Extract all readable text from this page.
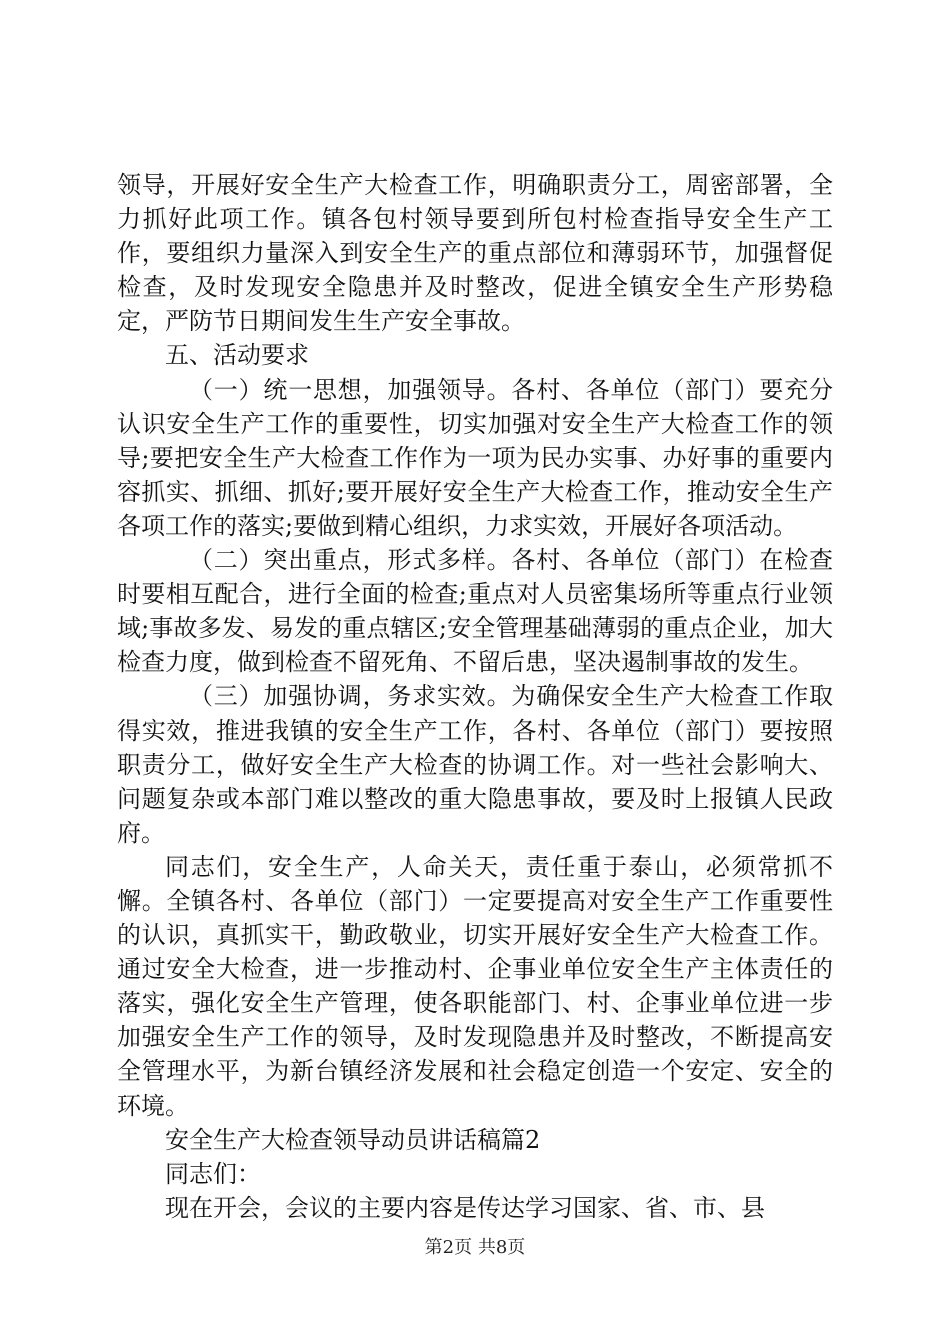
领导，开展好安全生产大检查工作，明确职责分工，周密部署，全力抓好此项工作。镇各包村领导要到所包村检查指导安全生产工作，要组织力量深入到安全生产的重点部位和薄弱环节，加强督促检查，及时发现安全隐患并及时整改，促进全镇安全生产形势稳定，严防节日期间发生生产安全事故。

五、活动要求

（一）统一思想，加强领导。各村、各单位（部门）要充分认识安全生产工作的重要性，切实加强对安全生产大检查工作的领导;要把安全生产大检查工作作为一项为民办实事、办好事的重要内容抓实、抓细、抓好;要开展好安全生产大检查工作，推动安全生产各项工作的落实;要做到精心组织，力求实效，开展好各项活动。

（二）突出重点，形式多样。各村、各单位（部门）在检查时要相互配合，进行全面的检查;重点对人员密集场所等重点行业领域;事故多发、易发的重点辖区;安全管理基础薄弱的重点企业，加大检查力度，做到检查不留死角、不留后患，坚决遏制事故的发生。

（三）加强协调，务求实效。为确保安全生产大检查工作取得实效，推进我镇的安全生产工作，各村、各单位（部门）要按照职责分工，做好安全生产大检查的协调工作。对一些社会影响大、问题复杂或本部门难以整改的重大隐患事故，要及时上报镇人民政府。

同志们，安全生产，人命关天，责任重于泰山，必须常抓不懈。全镇各村、各单位（部门）一定要提高对安全生产工作重要性的认识，真抓实干，勤政敬业，切实开展好安全生产大检查工作。通过安全大检查，进一步推动村、企事业单位安全生产主体责任的落实，强化安全生产管理，使各职能部门、村、企事业单位进一步加强安全生产工作的领导，及时发现隐患并及时整改，不断提高安全管理水平，为新台镇经济发展和社会稳定创造一个安定、安全的环境。

安全生产大检查领导动员讲话稿篇2

同志们：

现在开会，会议的主要内容是传达学习国家、省、市、县

第2页 共8页
